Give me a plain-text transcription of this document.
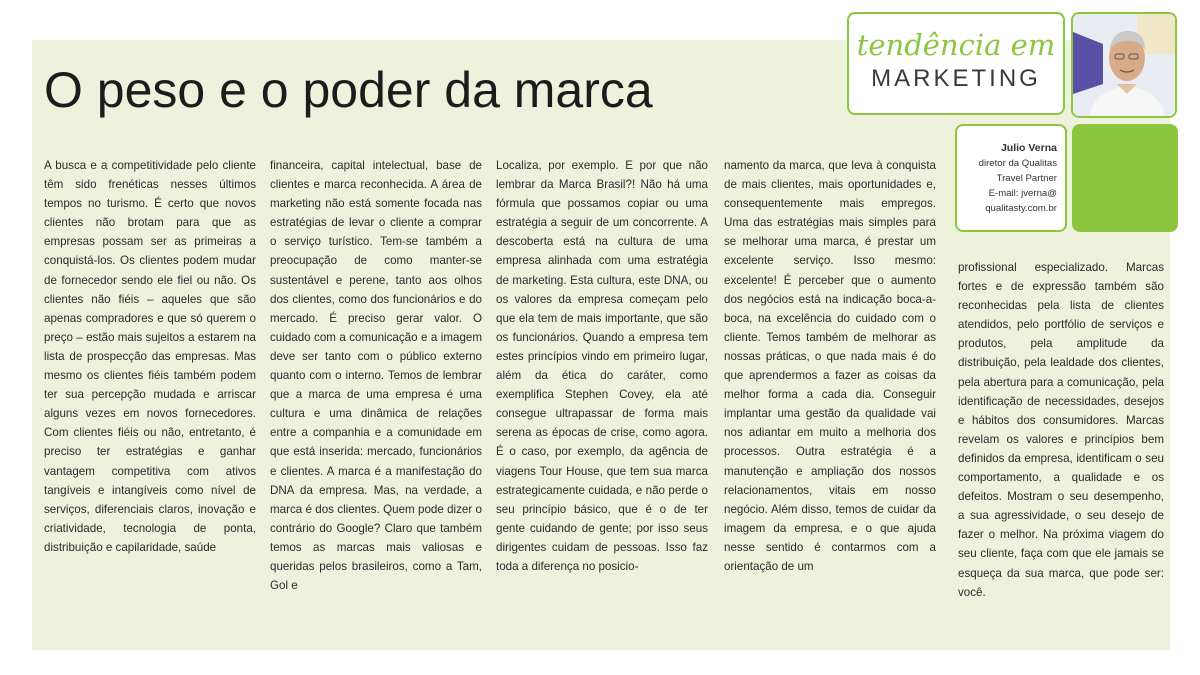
O peso e o poder da marca

A busca e a competitividade pelo cliente têm sido frenéticas nesses últimos tempos no turismo. É certo que novos clientes não brotam para que as empresas possam ser as primeiras a conquistá-los. Os clientes podem mudar de fornecedor sendo ele fiel ou não. Os clientes não fiéis – aqueles que são apenas compradores e que só querem o preço – estão mais sujeitos a estarem na lista de prospecção das empresas. Mas mesmo os clientes fiéis também podem ter sua percepção mudada e arriscar alguns vezes em novos fornecedores. Com clientes fiéis ou não, entretanto, é preciso ter estratégias e ganhar vantagem competitiva com ativos tangíveis e intangíveis como nível de serviços, diferenciais claros, inovação e criatividade, tecnologia de ponta, distribuição e capilaridade, saúde

financeira, capital intelectual, base de clientes e marca reconhecida. A área de marketing não está somente focada nas estratégias de levar o cliente a comprar o serviço turístico. Tem-se também a preocupação de como manter-se sustentável e perene, tanto aos olhos dos clientes, como dos funcionários e do mercado. É preciso gerar valor. O cuidado com a comunicação e a imagem deve ser tanto com o público externo quanto com o interno. Temos de lembrar que a marca de uma empresa é uma cultura e uma dinâmica de relações entre a companhia e a comunidade em que está inserida: mercado, funcionários e clientes. A marca é a manifestação do DNA da empresa. Mas, na verdade, a marca é dos clientes. Quem pode dizer o contrário do Google? Claro que também temos as marcas mais valiosas e queridas pelos brasileiros, como a Tam, Gol e

Localiza, por exemplo. E por que não lembrar da Marca Brasil?! Não há uma fórmula que possamos copiar ou uma estratégia a seguir de um concorrente. A descoberta está na cultura de uma empresa alinhada com uma estratégia de marketing. Esta cultura, este DNA, ou os valores da empresa começam pelo que ela tem de mais importante, que são os funcionários. Quando a empresa tem estes princípios vindo em primeiro lugar, além da ética do caráter, como exemplifica Stephen Covey, ela até consegue ultrapassar de forma mais serena as épocas de crise, como agora. É o caso, por exemplo, da agência de viagens Tour House, que tem sua marca estrategicamente cuidada, e não perde o seu princípio básico, que é o de ter gente cuidando de gente; por isso seus dirigentes cuidam de pessoas. Isso faz toda a diferença no posicio-

namento da marca, que leva à conquista de mais clientes, mais oportunidades e, consequentemente mais empregos. Uma das estratégias mais simples para se melhorar uma marca, é prestar um excelente serviço. Isso mesmo: excelente! É perceber que o aumento dos negócios está na indicação boca-a-boca, na excelência do cuidado com o cliente. Temos também de melhorar as nossas práticas, o que nada mais é do que aprendermos a fazer as coisas da melhor forma a cada dia. Conseguir implantar uma gestão da qualidade vai nos adiantar em muito a melhoria dos processos. Outra estratégia é a manutenção e ampliação dos nossos relacionamentos, vitais em nosso negócio. Além disso, temos de cuidar da imagem da empresa, e o que ajuda nesse sentido é contarmos com a orientação de um

profissional especializado. Marcas fortes e de expressão também são reconhecidas pela lista de clientes atendidos, pelo portfólio de serviços e produtos, pela amplitude da distribuição, pela lealdade dos clientes, pela abertura para a comunicação, pela identificação de necessidades, desejos e hábitos dos consumidores. Marcas revelam os valores e princípios bem definidos da empresa, identificam o seu comportamento, a qualidade e os defeitos. Mostram o seu desempenho, a sua agressividade, o seu desejo de fazer o melhor. Na próxima viagem do seu cliente, faça com que ele jamais se esqueça da sua marca, que pode ser: você.

tendência em
MARKETING
Julio Verna
diretor da Qualitas
Travel Partner
E-mail: jverna@
qualitasty.com.br
